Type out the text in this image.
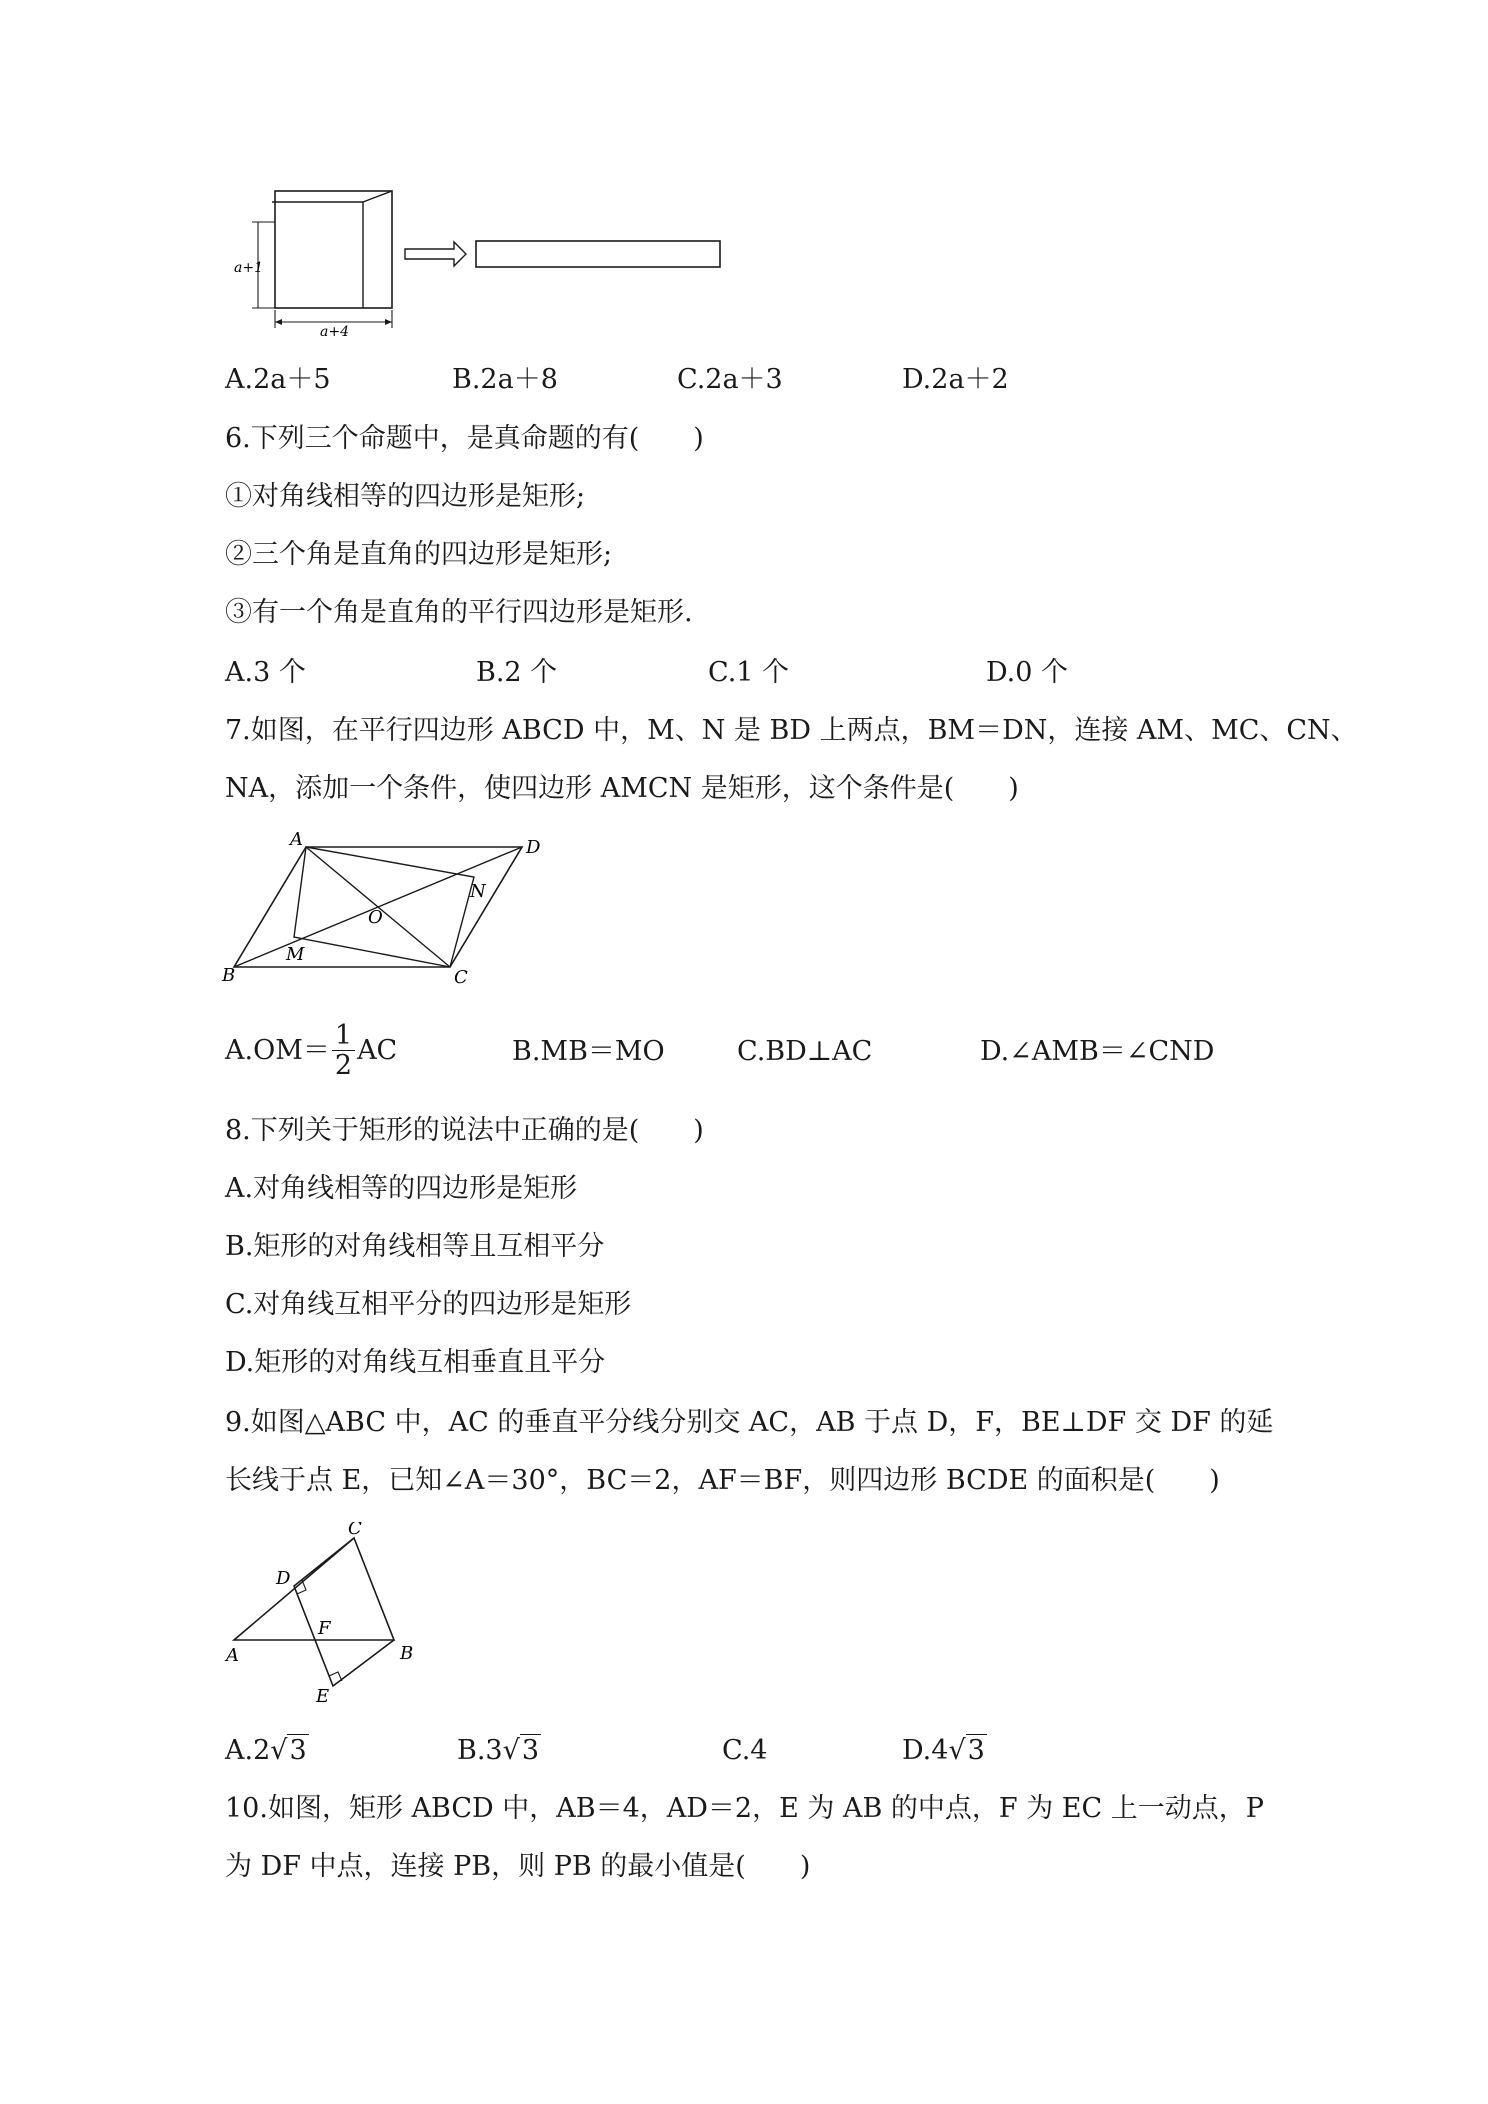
a+1
a+4
A.2a＋5	B.2a＋8	C.2a＋3	D.2a＋2
6.下列三个命题中，是真命题的有(　　)
①对角线相等的四边形是矩形;
②三个角是直角的四边形是矩形;
③有一个角是直角的平行四边形是矩形.
A.3 个	B.2 个	C.1 个	D.0 个
7.如图，在平行四边形 ABCD 中，M、N 是 BD 上两点，BM＝DN，连接 AM、MC、CN、
NA，添加一个条件，使四边形 AMCN 是矩形，这个条件是(　　)
A	D
N
O
B
M
C
$A.OM= \frac{1}{2}$ AC	B.MB＝MO	C.BD⊥AC	D.∠AMB＝∠CND
8.下列关于矩形的说法中正确的是(　　)
A.对角线相等的四边形是矩形
B.矩形的对角线相等且互相平分
C.对角线互相平分的四边形是矩形
D.矩形的对角线互相垂直且平分
9.如图△ABC 中，AC 的垂直平分线分别交 AC，AB 于点 D，F，BE⊥DF 交 DF 的延
长线于点 E，已知∠A＝30°，BC＝2，AF＝BF，则四边形 BCDE 的面积是(　　)
C
D
F
A	B
E
A.2√3	B.3√3	C.4	D.4√3
10.如图，矩形 ABCD 中，AB＝4，AD＝2，E 为 AB 的中点，F 为 EC 上一动点，P
为 DF 中点，连接 PB，则 PB 的最小值是(　　)
